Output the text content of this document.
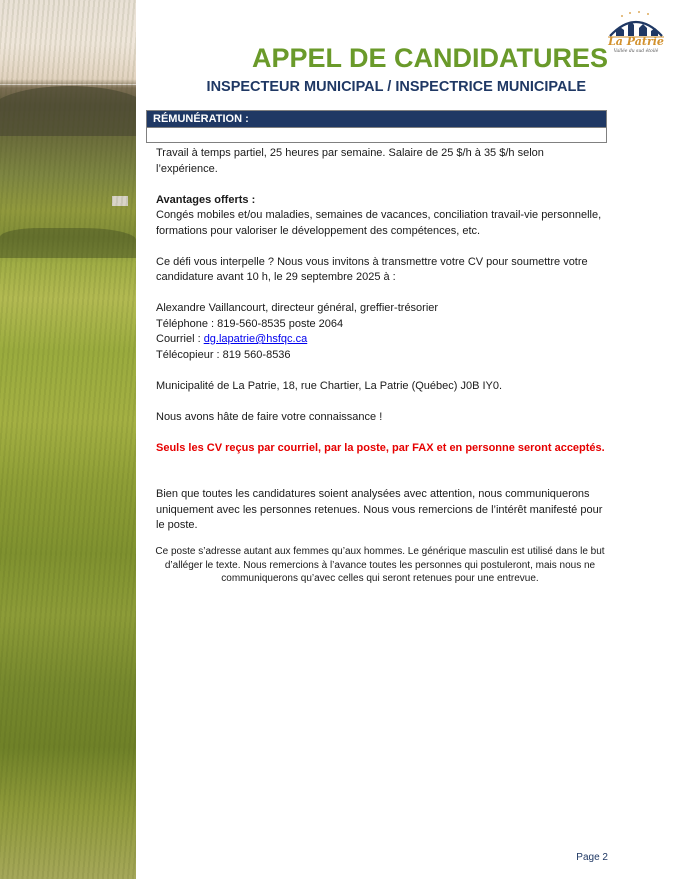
La Patrie
Vallée du sud étoilé
APPEL DE CANDIDATURES
INSPECTEUR MUNICIPAL / INSPECTRICE MUNICIPALE
RÉMUNÉRATION :

Travail à temps partiel, 25 heures par semaine. Salaire de 25 $/h à 35 $/h selon l’expérience.

Avantages offerts :

Congés mobiles et/ou maladies, semaines de vacances, conciliation travail-vie personnelle, formations pour valoriser le développement des compétences, etc.

Ce défi vous interpelle ? Nous vous invitons à transmettre votre CV pour soumettre votre candidature avant 10 h, le 29 septembre 2025 à :

Alexandre Vaillancourt, directeur général, greffier-trésorier

Téléphone : 819-560-8535 poste 2064

Courriel : dg.lapatrie@hsfqc.ca

Télécopieur : 819 560-8536

Municipalité de La Patrie, 18, rue Chartier, La Patrie (Québec) J0B IY0.

Nous avons hâte de faire votre connaissance !

Seuls les CV reçus par courriel, par la poste, par FAX et en personne seront acceptés.

Bien que toutes les candidatures soient analysées avec attention, nous communiquerons uniquement avec les personnes retenues. Nous vous remercions de l’intérêt manifesté pour le poste.

Ce poste s’adresse autant aux femmes qu’aux hommes. Le générique masculin est utilisé dans le but d’alléger le texte. Nous remercions à l’avance toutes les personnes qui postuleront, mais nous ne communiquerons qu’avec celles qui seront retenues pour une entrevue.

Page 2
